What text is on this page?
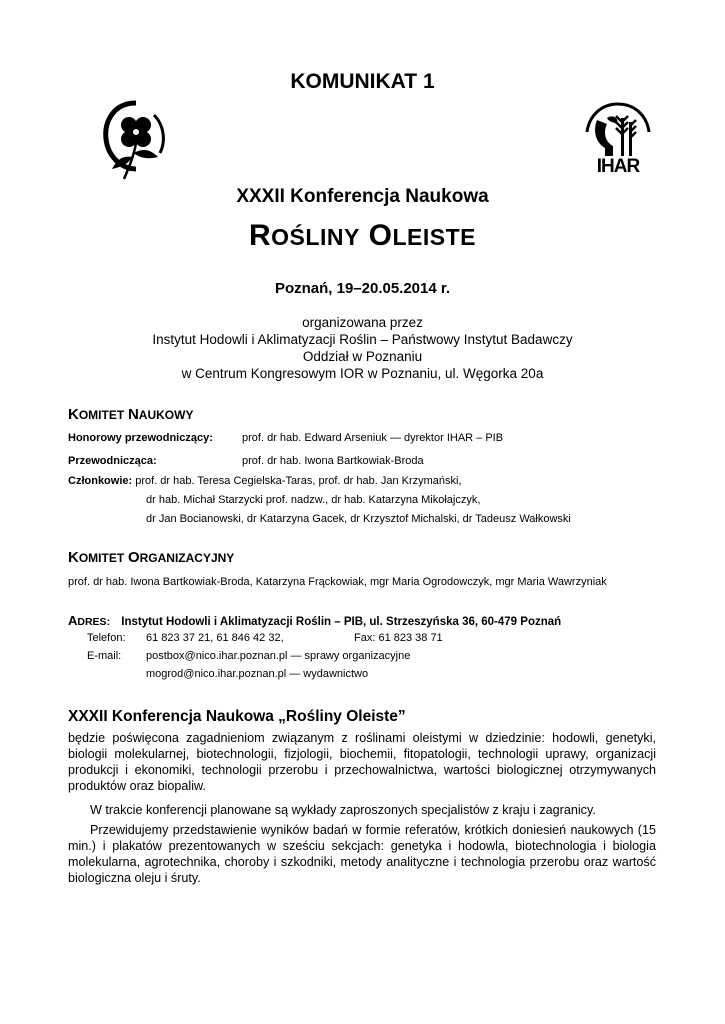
KOMUNIKAT 1
IHAR
XXXII Konferencja Naukowa
ROŚLINY OLEISTE
Poznań, 19–20.05.2014 r.
organizowana przez
Instytut Hodowli i Aklimatyzacji Roślin – Państwowy Instytut Badawczy
Oddział w Poznaniu
w Centrum Kongresowym IOR w Poznaniu, ul. Węgorka 20a
KOMITET NAUKOWY
Honorowy przewodniczący:	prof. dr hab. Edward Arseniuk — dyrektor IHAR – PIB
Przewodnicząca:	prof. dr hab. Iwona Bartkowiak-Broda
Członkowie: prof. dr hab. Teresa Cegielska-Taras, prof. dr hab. Jan Krzymański,
dr hab. Michał Starzycki prof. nadzw., dr hab. Katarzyna Mikołajczyk,
dr Jan Bocianowski, dr Katarzyna Gacek, dr Krzysztof Michalski, dr Tadeusz Wałkowski
KOMITET ORGANIZACYJNY
prof. dr hab. Iwona Bartkowiak-Broda, Katarzyna Frąckowiak, mgr Maria Ogrodowczyk, mgr Maria Wawrzyniak
ADRES: Instytut Hodowli i Aklimatyzacji Roślin – PIB, ul. Strzeszyńska 36, 60-479 Poznań
Telefon: 61 823 37 21, 61 846 42 32,	Fax: 61 823 38 71
E-mail: postbox@nico.ihar.poznan.pl — sprawy organizacyjne
mogrod@nico.ihar.poznan.pl — wydawnictwo
XXXII Konferencja Naukowa „Rośliny Oleiste”

będzie poświęcona zagadnieniom związanym z roślinami oleistymi w dziedzinie: hodowli, genetyki, biologii molekularnej, biotechnologii, fizjologii, biochemii, fitopatologii, technologii uprawy, organizacji produkcji i ekonomiki, technologii przerobu i przechowalnictwa, wartości biologicznej otrzymywanych produktów oraz biopaliw.

W trakcie konferencji planowane są wykłady zaproszonych specjalistów z kraju i zagranicy.

Przewidujemy przedstawienie wyników badań w formie referatów, krótkich doniesień naukowych (15 min.) i plakatów prezentowanych w sześciu sekcjach: genetyka i hodowla, biotechnologia i biologia molekularna, agrotechnika, choroby i szkodniki, metody analityczne i technologia przerobu oraz wartość biologiczna oleju i śruty.
